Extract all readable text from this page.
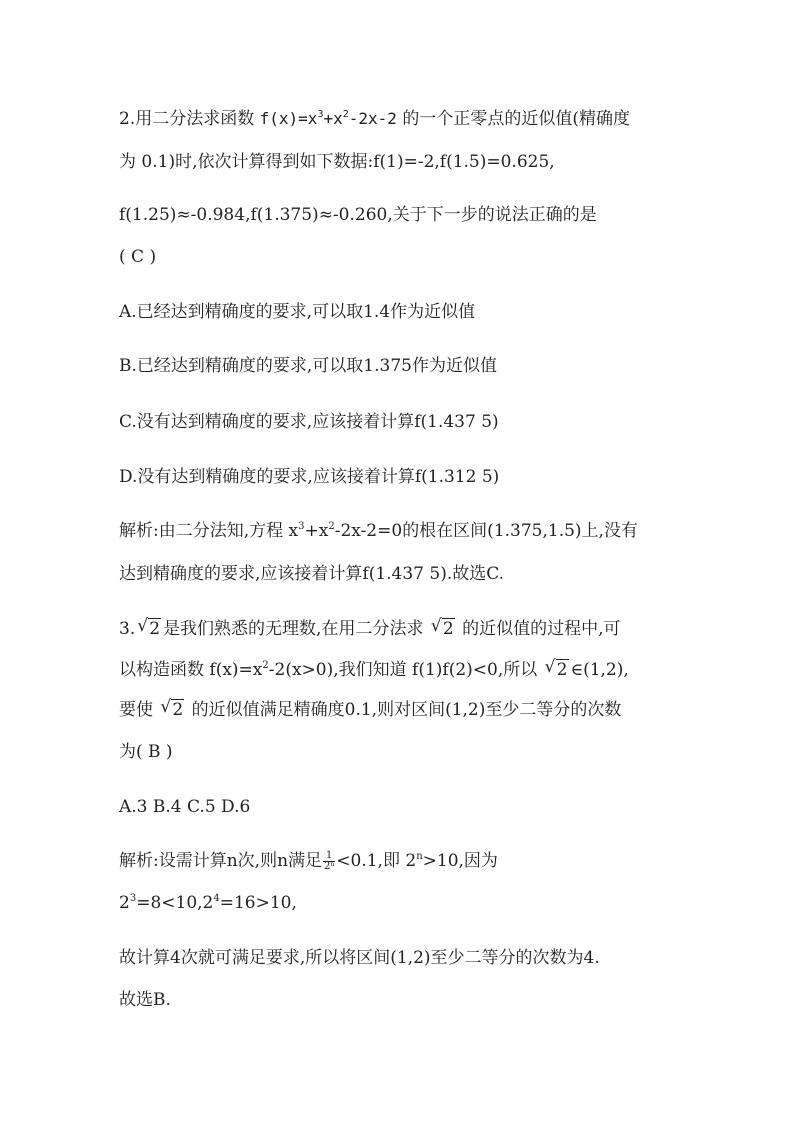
2.用二分法求函数 $f(x)=x^3+x^2-2x-2$ 的一个正零点的近似值(精确度
为 0.1)时,依次计算得到如下数据:f(1)=-2,f(1.5)=0.625,
f(1.25)≈-0.984,f(1.375)≈-0.260,关于下一步的说法正确的是
( C )
A.已经达到精确度的要求,可以取1.4作为近似值
B.已经达到精确度的要求,可以取1.375作为近似值
C.没有达到精确度的要求,应该接着计算f(1.437 5)
D.没有达到精确度的要求,应该接着计算f(1.312 5)
解析:由二分法知,方程 $x^3+x^2-2x-2=0$的根在区间(1.375,1.5)上,没有
达到精确度的要求,应该接着计算f(1.437 5).故选C.
3. √ 2 是我们熟悉的无理数,在用二分法求 √ 2 的近似值的过程中,可
以构造函数 $f(x)=x^2-2(x>0)$,我们知道 f(1)f(2)<0,所以 √ 2 ∈(1,2),
要使 √ 2 的近似值满足精确度0.1,则对区间(1,2)至少二等分的次数
为( B )
A.3 B.4 C.5 D.6
解析:设需计算n次,则n满足 $\frac{1}{2^n} <0.1$,即 $2^n>10$,因为
$2^3=8<10,2^4=16>10$,
故计算4次就可满足要求,所以将区间(1,2)至少二等分的次数为4.
故选B.
